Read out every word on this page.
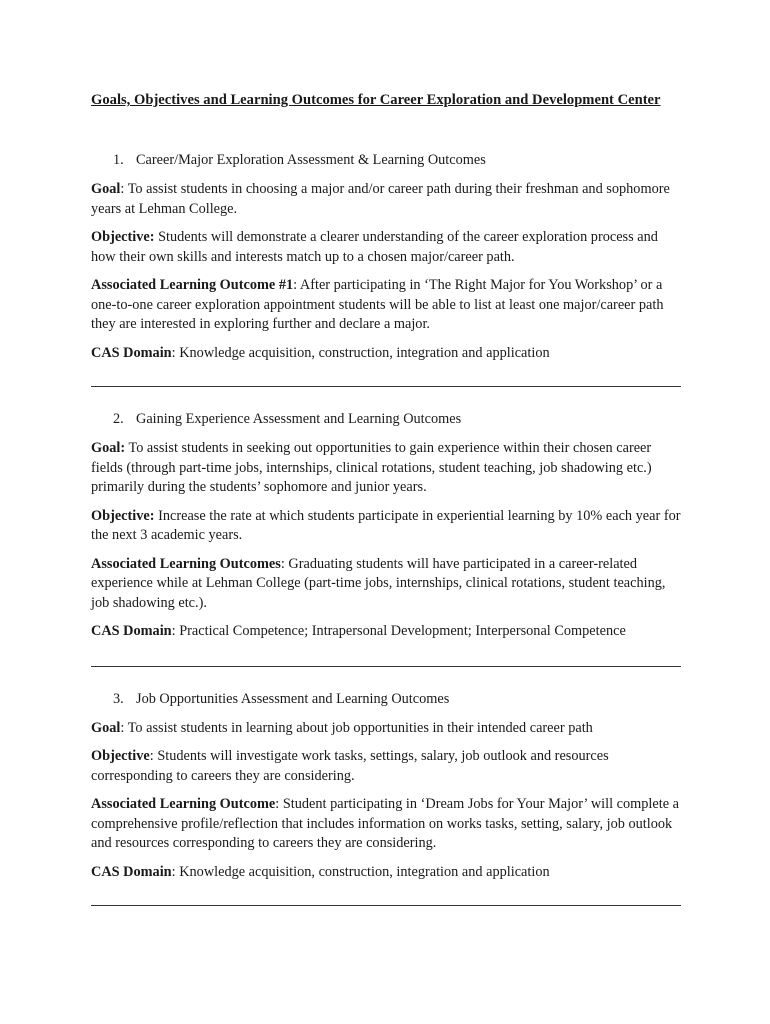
Goals, Objectives and Learning Outcomes for Career Exploration and Development Center
1. Career/Major Exploration Assessment & Learning Outcomes

Goal: To assist students in choosing a major and/or career path during their freshman and sophomore years at Lehman College.

Objective: Students will demonstrate a clearer understanding of the career exploration process and how their own skills and interests match up to a chosen major/career path.

Associated Learning Outcome #1: After participating in ‘The Right Major for You Workshop’ or a one-to-one career exploration appointment students will be able to list at least one major/career path they are interested in exploring further and declare a major.

CAS Domain: Knowledge acquisition, construction, integration and application

2. Gaining Experience Assessment and Learning Outcomes

Goal: To assist students in seeking out opportunities to gain experience within their chosen career fields (through part-time jobs, internships, clinical rotations, student teaching, job shadowing etc.) primarily during the students’ sophomore and junior years.

Objective: Increase the rate at which students participate in experiential learning by 10% each year for the next 3 academic years.

Associated Learning Outcomes: Graduating students will have participated in a career-related experience while at Lehman College (part-time jobs, internships, clinical rotations, student teaching, job shadowing etc.).

CAS Domain: Practical Competence; Intrapersonal Development; Interpersonal Competence

3. Job Opportunities Assessment and Learning Outcomes

Goal: To assist students in learning about job opportunities in their intended career path

Objective: Students will investigate work tasks, settings, salary, job outlook and resources corresponding to careers they are considering.

Associated Learning Outcome: Student participating in ‘Dream Jobs for Your Major’ will complete a comprehensive profile/reflection that includes information on works tasks, setting, salary, job outlook and resources corresponding to careers they are considering.

CAS Domain: Knowledge acquisition, construction, integration and application
